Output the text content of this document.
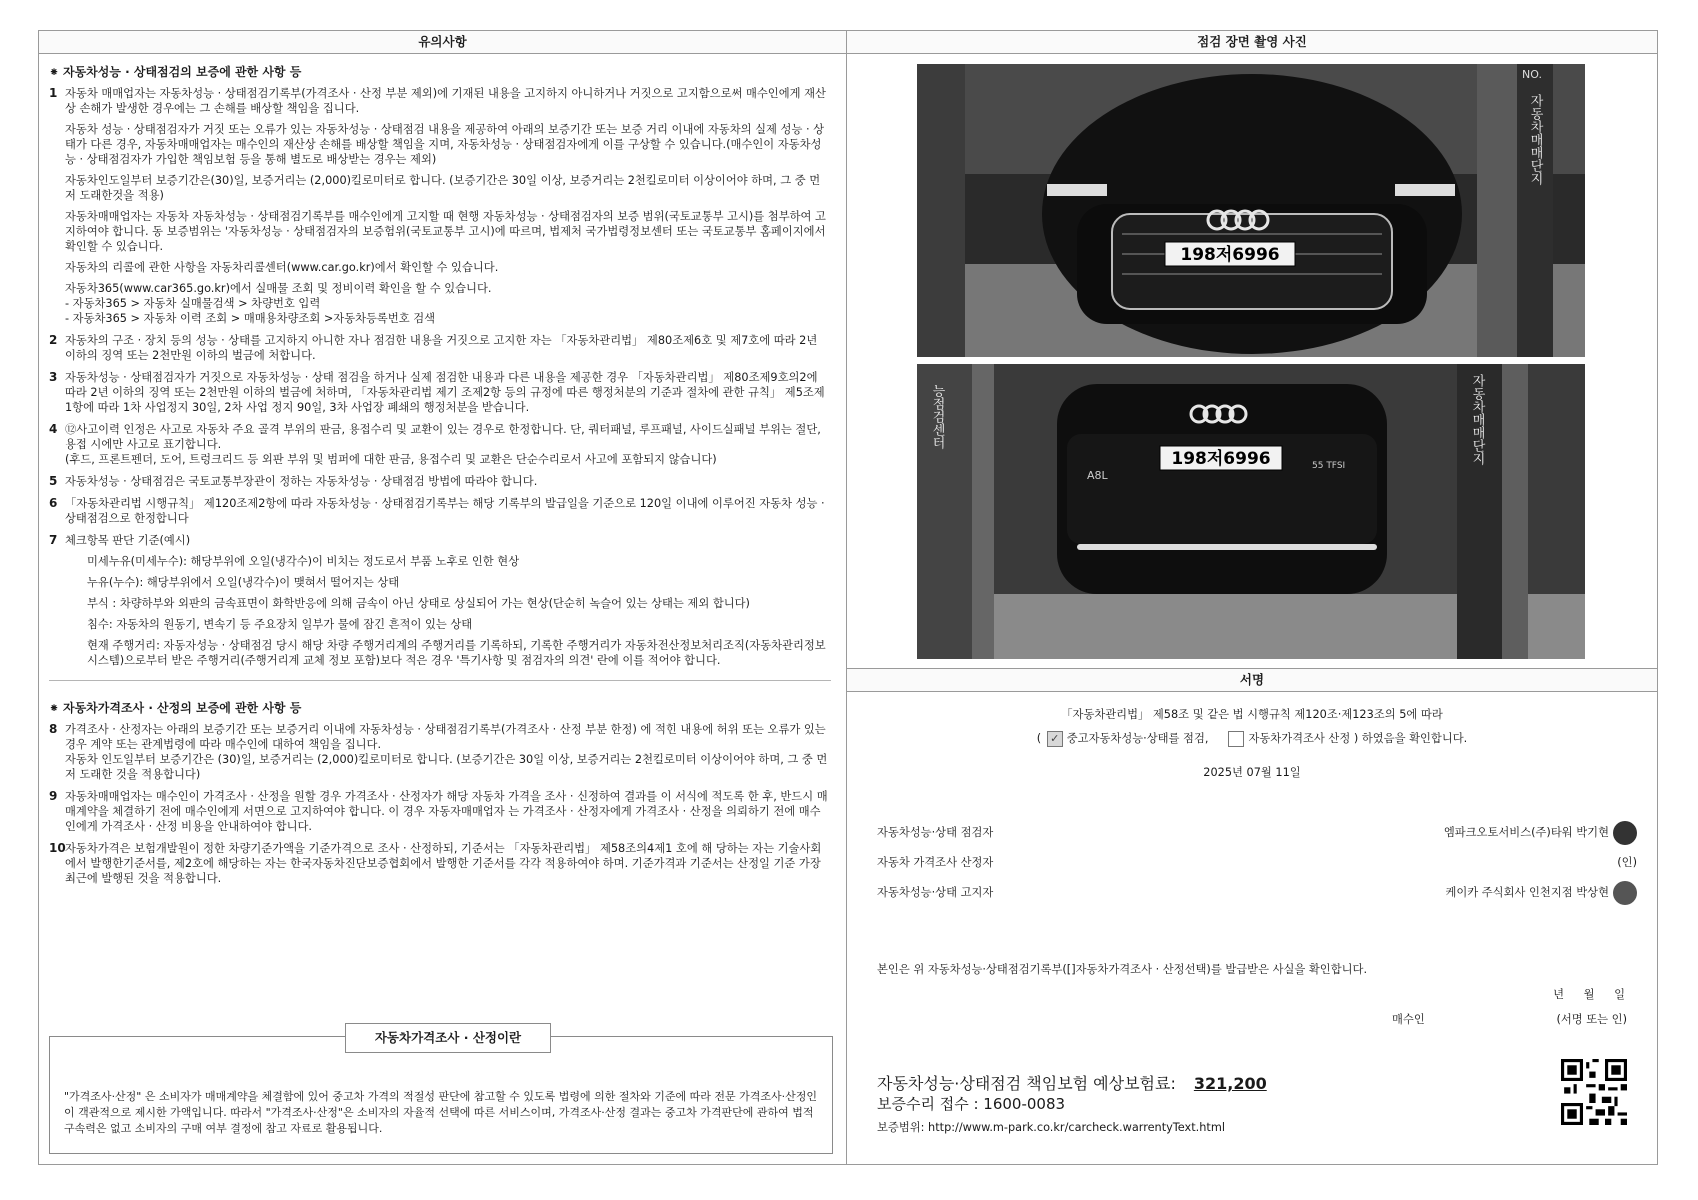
유의사항
⁕ 자동차성능 · 상태점검의 보증에 관한 사항 등
1 자동차 매매업자는 자동차성능 · 상태점검기록부(가격조사 · 산정 부분 제외)에 기재된 내용을 고지하지 아니하거나 거짓으로 고지함으로써 매수인에게 재산상 손해가 발생한 경우에는 그 손해를 배상할 책임을 집니다.

자동차 성능 · 상태점검자가 거짓 또는 오류가 있는 자동차성능 · 상태점검 내용을 제공하여 아래의 보증기간 또는 보증 거리 이내에 자동차의 실제 성능 · 상태가 다른 경우, 자동차매매업자는 매수인의 재산상 손해를 배상할 책임을 지며, 자동차성능 · 상태점검자에게 이를 구상할 수 있습니다.(매수인이 자동차성능 · 상태점검자가 가입한 책임보험 등을 통해 별도로 배상받는 경우는 제외)

자동차인도일부터 보증기간은(30)일, 보증거리는 (2,000)킬로미터로 합니다. (보증기간은 30일 이상, 보증거리는 2천킬로미터 이상이어야 하며, 그 중 먼저 도래한것을 적용)

자동차매매업자는 자동차 자동차성능 · 상태점검기록부를 매수인에게 고지할 때 현행 자동차성능 · 상태점검자의 보증 범위(국토교통부 고시)를 첨부하여 고지하여야 합니다. 동 보증범위는 '자동차성능 · 상태점검자의 보증험위(국토교통부 고시)에 따르며, 법제처 국가법령정보센터 또는 국토교통부 홈페이지에서 확인할 수 있습니다.

자동차의 리콜에 관한 사항을 자동차리콜센터(www.car.go.kr)에서 확인할 수 있습니다.

자동차365(www.car365.go.kr)에서 실매물 조회 및 정비이력 확인을 할 수 있습니다.

- 자동차365 > 자동차 실매물검색 > 차량번호 입력
- 자동차365 > 자동차 이력 조회 > 매매용차량조회 >자동차등록번호 검색
2 자동차의 구조 · 장치 등의 성능 · 상태를 고지하지 아니한 자나 점검한 내용을 거짓으로 고지한 자는 「자동차관리법」 제80조제6호 및 제7호에 따라 2년 이하의 징역 또는 2천만원 이하의 벌금에 처합니다.
3 자동차성능 · 상태점검자가 거짓으로 자동차성능 · 상태 점검을 하거나 실제 점검한 내용과 다른 내용을 제공한 경우 「자동차관리법」 제80조제9호의2에 따라 2년 이하의 징역 또는 2천만원 이하의 벌금에 처하며, 「자동차관리법 제기 조제2항 등의 규정에 따른 행정처분의 기준과 절차에 관한 규칙」 제5조제1항에 따라 1차 사업정지 30일, 2차 사업 정지 90일, 3차 사업장 폐쇄의 행정처분을 받습니다.
4 ⑫사고이력 인정은 사고로 자동차 주요 골격 부위의 판금, 용접수리 및 교환이 있는 경우로 한정합니다. 단, 쿼터패널, 루프패널, 사이드실패널 부위는 절단, 용접 시에만 사고로 표기합니다.
(후드, 프론트펜더, 도어, 트렁크리드 등 외판 부위 및 범퍼에 대한 판금, 용접수리 및 교환은 단순수리로서 사고에 포함되지 않습니다)
5 자동차성능 · 상태점검은 국토교통부장관이 정하는 자동차성능 · 상태점검 방법에 따라야 합니다.
6 「자동차관리법 시행규칙」 제120조제2항에 따라 자동차성능 · 상태점검기록부는 해당 기록부의 발급일을 기준으로 120일 이내에 이루어진 자동차 성능 · 상태점검으로 한정합니다
7 체크항목 판단 기준(예시)

미세누유(미세누수): 해당부위에 오일(냉각수)이 비치는 정도로서 부품 노후로 인한 현상

누유(누수): 해당부위에서 오일(냉각수)이 맺혀서 떨어지는 상태

부식 : 차량하부와 외판의 금속표면이 화학반응에 의해 금속이 아닌 상태로 상실되어 가는 현상(단순히 녹슬어 있는 상태는 제외 합니다)

침수: 자동차의 원동기, 변속기 등 주요장치 일부가 물에 잠긴 흔적이 있는 상태

현재 주행거리: 자동자성능 · 상태점검 당시 해당 차량 주행거리계의 주행거리를 기록하되, 기록한 주행거리가 자동차전산정보처리조직(자동차관리정보시스템)으로부터 받은 주행거리(주행거리계 교체 정보 포함)보다 적은 경우 '특기사항 및 점검자의 의견' 란에 이를 적어야 합니다.

⁕ 자동차가격조사 · 산정의 보증에 관한 사항 등
8 가격조사 · 산정자는 아래의 보증기간 또는 보증거리 이내에 자동차성능 · 상태점검기록부(가격조사 · 산정 부분 한정) 에 적힌 내용에 허위 또는 오류가 있는 경우 계약 또는 관계법령에 따라 매수인에 대하여 책임을 집니다.
자동차 인도일부터 보증기간은 (30)일, 보증거리는 (2,000)킬로미터로 합니다. (보증기간은 30일 이상, 보증거리는 2천킬로미터 이상이어야 하며, 그 중 먼저 도래한 것을 적용합니다)
9 자동차매매업자는 매수인이 가격조사 · 산정을 원할 경우 가격조사 · 산정자가 해당 자동차 가격을 조사 · 신정하여 결과를 이 서식에 적도록 한 후, 반드시 매매계약을 체결하기 전에 매수인에게 서면으로 고지하여야 합니다. 이 경우 자동자매매업자 는 가격조사 · 산정자에게 가격조사 · 산정을 의뢰하기 전에 매수인에게 가격조사 · 산정 비용을 안내하여야 합니다.
10 자동차가격은 보험개발원이 정한 차량기준가액을 기준가격으로 조사 · 산정하되, 기준서는 「자동차관리법」 제58조의4제1 호에 해 당하는 자는 기술사회에서 발행한기준서를, 제2호에 해당하는 자는 한국자동차진단보증협회에서 발행한 기준서를 각각 적용하여야 하며. 기준가격과 기준서는 산정일 기준 가장 최근에 발행된 것을 적용합니다.
자동차가격조사 · 산정이란
"가격조사·산정" 은 소비자가 매매계약을 체결함에 있어 중고차 가격의 적절성 판단에 참고할 수 있도록 법령에 의한 절차와 기준에 따라 전문 가격조사·산정인이 객관적으로 제시한 가액입니다. 따라서 "가격조사·산정"은 소비자의 자율적 선택에 따른 서비스이며, 가격조사·산정 결과는 중고차 가격판단에 관하여 법적 구속력은 없고 소비자의 구매 여부 결정에 참고 자료로 활용됩니다.
점검 장면 촬영 사진
198저6996
NO.
자동차매매단지
198저6996
A8L
55 TFSI
능점검센터	자동차매매단지
서명
「자동차관리법」 제58조 및 같은 법 시행규칙 제120조·제123조의 5에 따라
( ✓ 중고자동차성능·상태를 점검,	자동차가격조사 산정 ) 하였음을 확인합니다.
2025년 07월 11일
자동차성능·상태 점검자	엠파크오토서비스(주)타워 박기현
자동차 가격조사 산정자	(인)
자동차성능·상태 고지자	케이카 주식회사 인천지점 박상현
본인은 위 자동차성능·상태점검기록부([]자동차가격조사 · 산정선택)를 발급받은 사실을 확인합니다.
년 월 일
매수인	(서명 또는 인)
자동차성능·상태점검 책임보험 예상보험료: 321,200
보증수리 접수 : 1600-0083
보증범위: http://www.m-park.co.kr/carcheck.warrentyText.html
